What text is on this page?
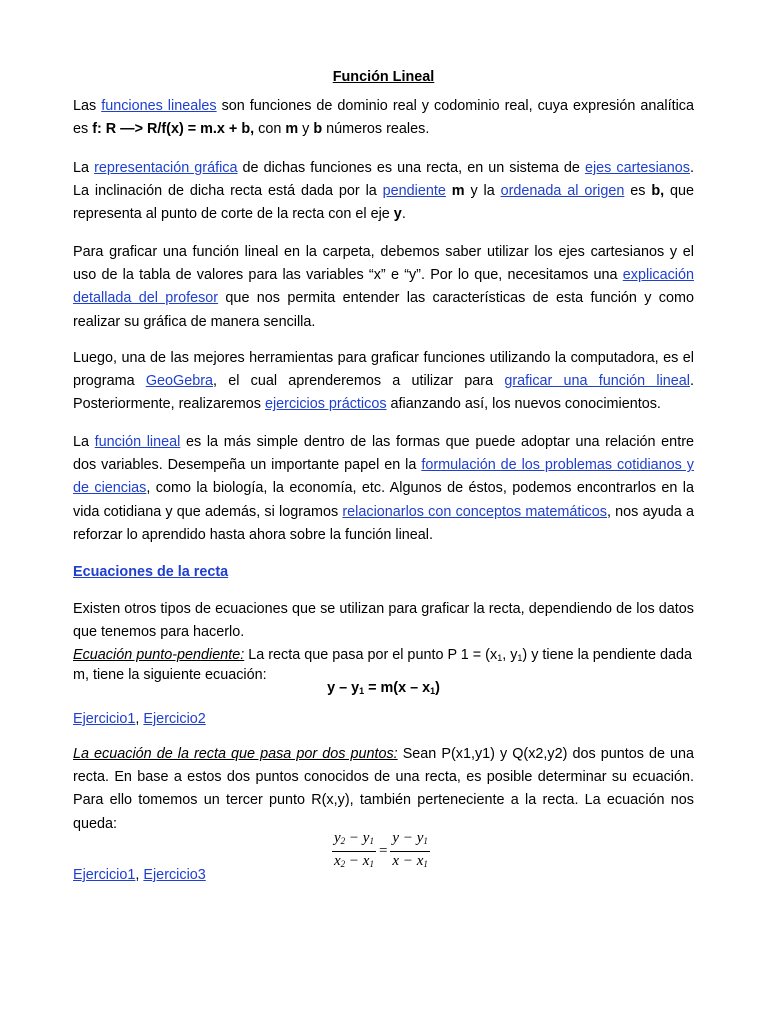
Función Lineal

Las funciones lineales son funciones de dominio real y codominio real, cuya expresión analítica es f: R —> R/f(x) = m.x + b, con m y b números reales.

La representación gráfica de dichas funciones es una recta, en un sistema de ejes cartesianos. La inclinación de dicha recta está dada por la pendiente m y la ordenada al origen es b, que representa al punto de corte de la recta con el eje y.

Para graficar una función lineal en la carpeta, debemos saber utilizar los ejes cartesianos y el uso de la tabla de valores para las variables “x” e “y”. Por lo que, necesitamos una explicación detallada del profesor que nos permita entender las características de esta función y como realizar su gráfica de manera sencilla.

Luego, una de las mejores herramientas para graficar funciones utilizando la computadora, es el programa GeoGebra, el cual aprenderemos a utilizar para graficar una función lineal. Posteriormente, realizaremos ejercicios prácticos afianzando así, los nuevos conocimientos.

La función lineal es la más simple dentro de las formas que puede adoptar una relación entre dos variables. Desempeña un importante papel en la formulación de los problemas cotidianos y de ciencias, como la biología, la economía, etc. Algunos de éstos, podemos encontrarlos en la vida cotidiana y que además, si logramos relacionarlos con conceptos matemáticos, nos ayuda a reforzar lo aprendido hasta ahora sobre la función lineal.

Ecuaciones de la recta

Existen otros tipos de ecuaciones que se utilizan para graficar la recta, dependiendo de los datos que tenemos para hacerlo.

Ecuación punto-pendiente: La recta que pasa por el punto P $1 = (x_1$, $y_1$) y tiene la pendiente dada m, tiene la siguiente ecuación:

$y - y_1 = m(x - x_1)$
Ejercicio1, Ejercicio2

La ecuación de la recta que pasa por dos puntos: Sean P(x1,y1) y Q(x2,y2) dos puntos de una recta. En base a estos dos puntos conocidos de una recta, es posible determinar su ecuación. Para ello tomemos un tercer punto R(x,y), también perteneciente a la recta. La ecuación nos queda:

$\frac{y_2 - y_1}{x_2 - x_1} = \frac{y - y_1}{x - x_1}$
Ejercicio1, Ejercicio3
